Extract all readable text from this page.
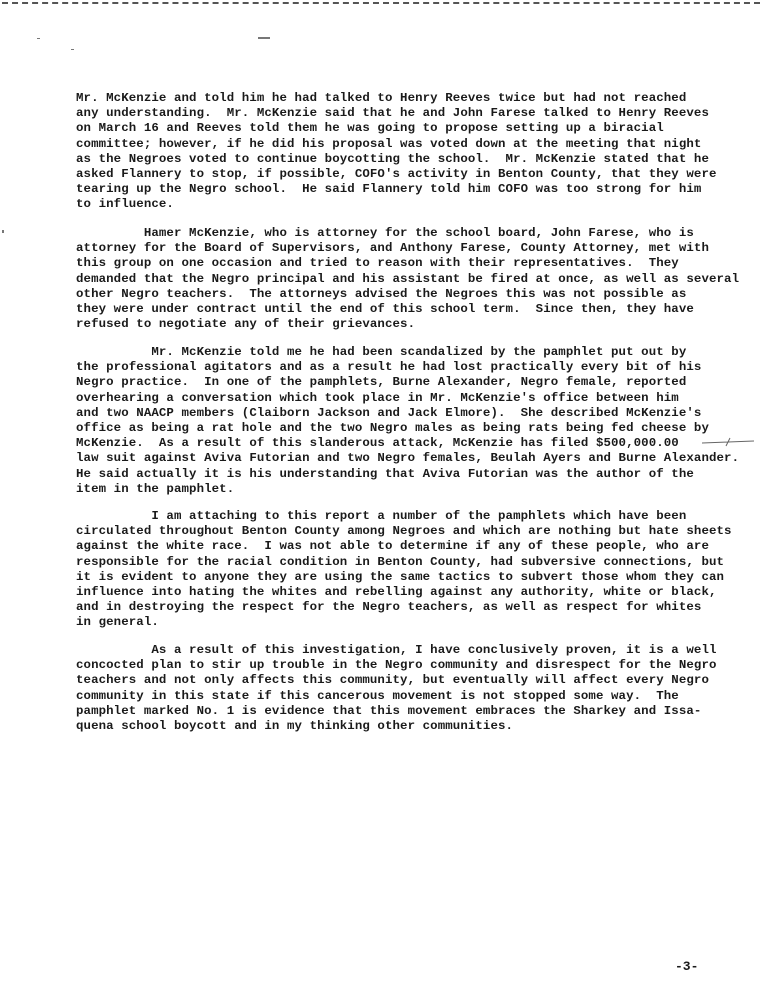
Mr. McKenzie and told him he had talked to Henry Reeves twice but had not reached
any understanding.  Mr. McKenzie said that he and John Farese talked to Henry Reeves
on March 16 and Reeves told them he was going to propose setting up a biracial
committee; however, if he did his proposal was voted down at the meeting that night
as the Negroes voted to continue boycotting the school.  Mr. McKenzie stated that he
asked Flannery to stop, if possible, COFO's activity in Benton County, that they were
tearing up the Negro school.  He said Flannery told him COFO was too strong for him
to influence.

Hamer McKenzie, who is attorney for the school board, John Farese, who is
attorney for the Board of Supervisors, and Anthony Farese, County Attorney, met with
this group on one occasion and tried to reason with their representatives.  They
demanded that the Negro principal and his assistant be fired at once, as well as several
other Negro teachers.  The attorneys advised the Negroes this was not possible as
they were under contract until the end of this school term.  Since then, they have
refused to negotiate any of their grievances.

Mr. McKenzie told me he had been scandalized by the pamphlet put out by
the professional agitators and as a result he had lost practically every bit of his
Negro practice.  In one of the pamphlets, Burne Alexander, Negro female, reported
overhearing a conversation which took place in Mr. McKenzie's office between him
and two NAACP members (Claiborn Jackson and Jack Elmore).  She described McKenzie's
office as being a rat hole and the two Negro males as being rats being fed cheese by
McKenzie.  As a result of this slanderous attack, McKenzie has filed $500,000.00
law suit against Aviva Futorian and two Negro females, Beulah Ayers and Burne Alexander.
He said actually it is his understanding that Aviva Futorian was the author of the
item in the pamphlet.

I am attaching to this report a number of the pamphlets which have been
circulated throughout Benton County among Negroes and which are nothing but hate sheets
against the white race.  I was not able to determine if any of these people, who are
responsible for the racial condition in Benton County, had subversive connections, but
it is evident to anyone they are using the same tactics to subvert those whom they can
influence into hating the whites and rebelling against any authority, white or black,
and in destroying the respect for the Negro teachers, as well as respect for whites
in general.

As a result of this investigation, I have conclusively proven, it is a well
concocted plan to stir up trouble in the Negro community and disrespect for the Negro
teachers and not only affects this community, but eventually will affect every Negro
community in this state if this cancerous movement is not stopped some way.  The
pamphlet marked No. 1 is evidence that this movement embraces the Sharkey and Issa-
quena school boycott and in my thinking other communities.

-3-
